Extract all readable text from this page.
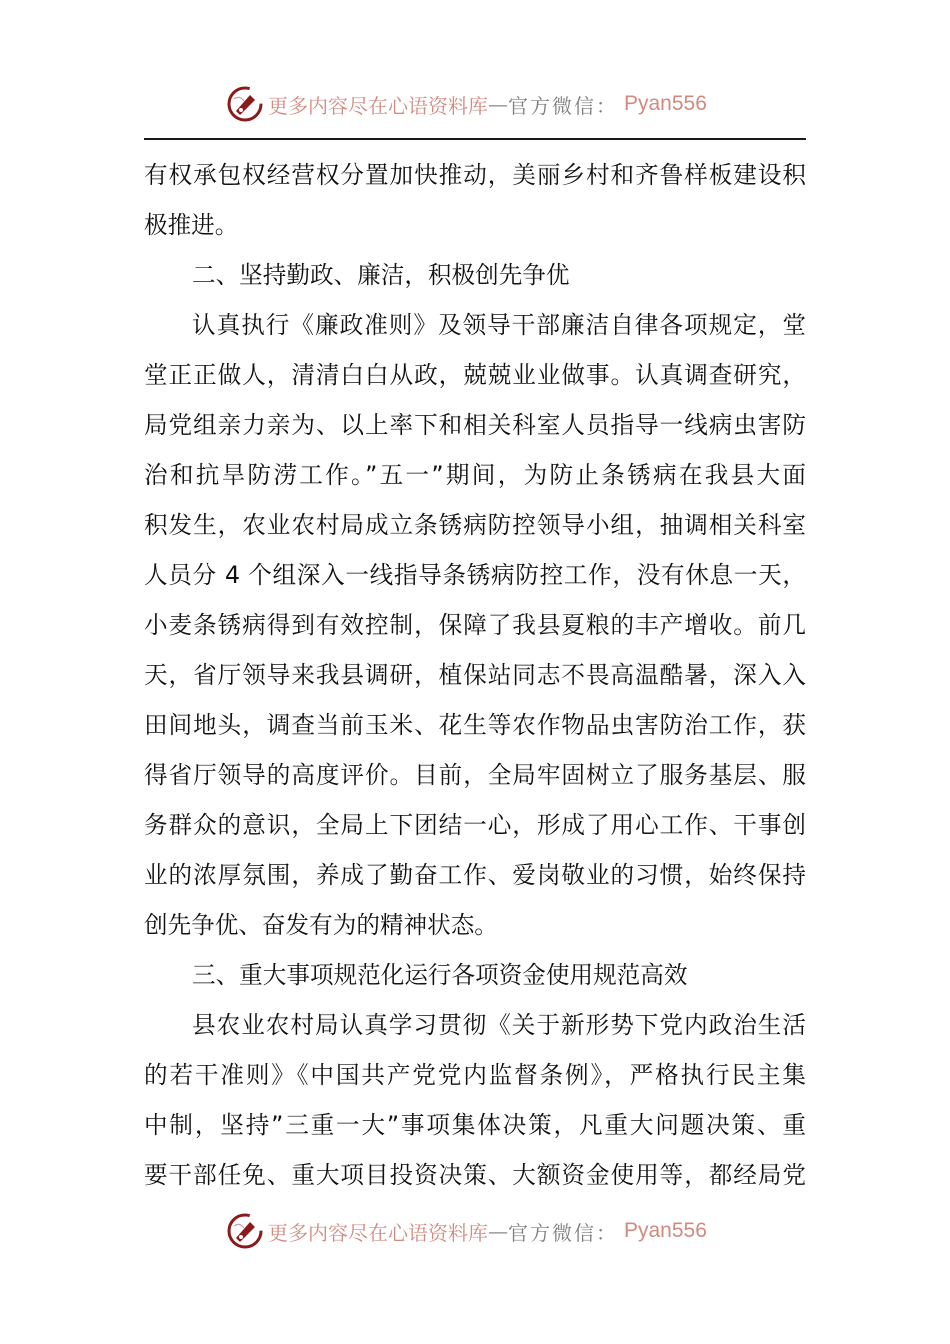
更多内容尽在心语资料库 — 官方微信： Pyan556
有权承包权经营权分置加快推动，美丽乡村和齐鲁样板建设积
极推进。
二、坚持勤政、廉洁，积极创先争优
认真执行《廉政准则》及领导干部廉洁自律各项规定，堂
堂正正做人，清清白白从政，兢兢业业做事。认真调查研究，
局党组亲力亲为、以上率下和相关科室人员指导一线病虫害防
治和抗旱防涝工作。”五一”期间，为防止条锈病在我县大面
积发生，农业农村局成立条锈病防控领导小组，抽调相关科室
人员分 4 个组深入一线指导条锈病防控工作，没有休息一天，
小麦条锈病得到有效控制，保障了我县夏粮的丰产增收。前几
天，省厅领导来我县调研，植保站同志不畏高温酷暑，深入入
田间地头，调查当前玉米、花生等农作物品虫害防治工作，获
得省厅领导的高度评价。目前，全局牢固树立了服务基层、服
务群众的意识，全局上下团结一心，形成了用心工作、干事创
业的浓厚氛围，养成了勤奋工作、爱岗敬业的习惯，始终保持
创先争优、奋发有为的精神状态。
三、重大事项规范化运行各项资金使用规范高效
县农业农村局认真学习贯彻《关于新形势下党内政治生活
的若干准则》《中国共产党党内监督条例》，严格执行民主集
中制，坚持”三重一大”事项集体决策，凡重大问题决策、重
要干部任免、重大项目投资决策、大额资金使用等，都经局党
更多内容尽在心语资料库 — 官方微信： Pyan556
